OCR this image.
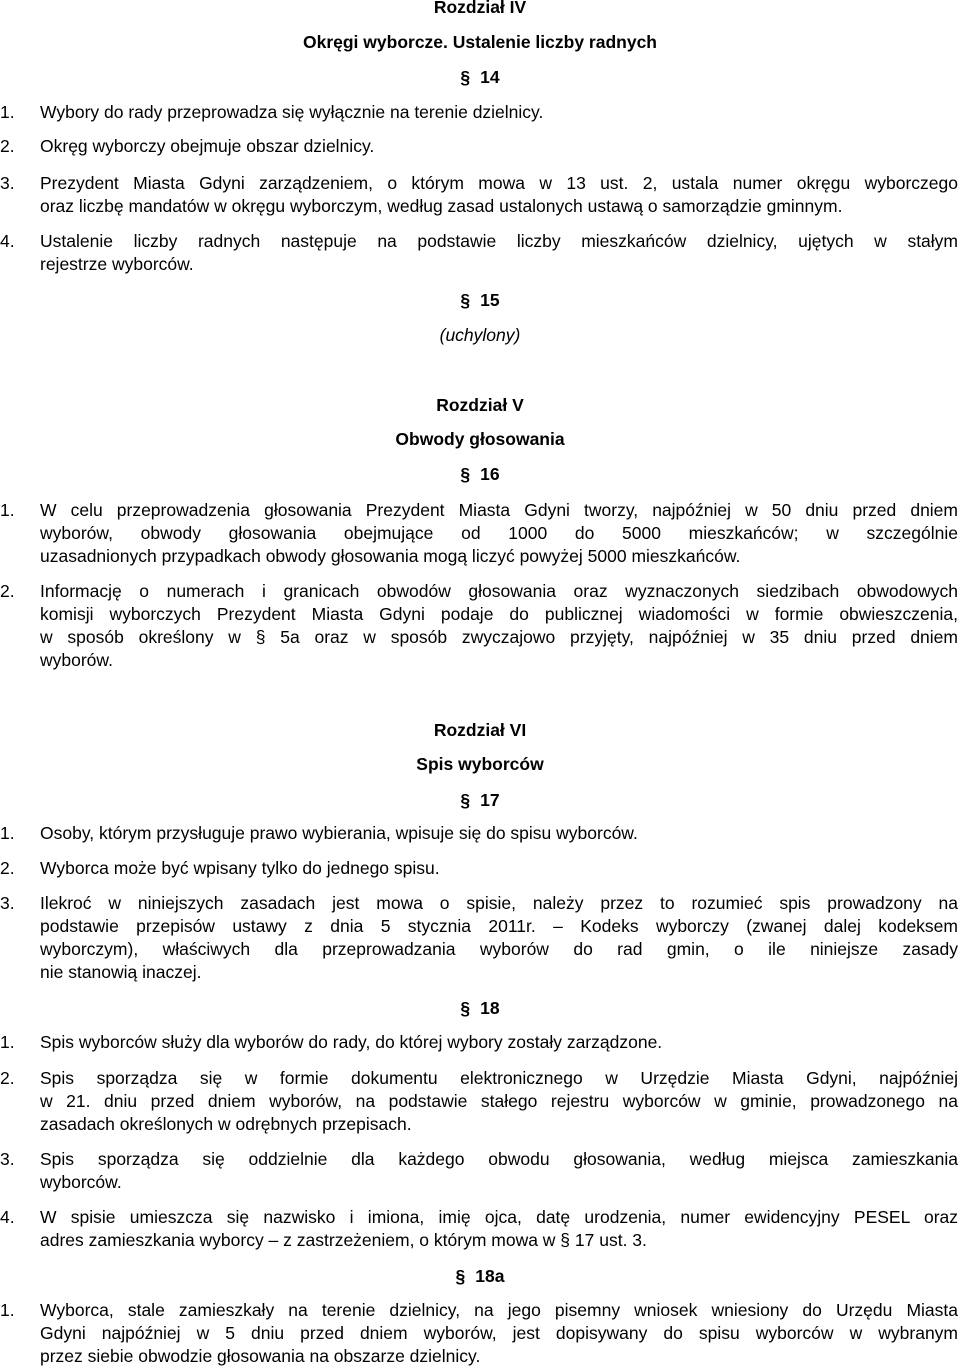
Rozdział IV
Okręgi wyborcze. Ustalenie liczby radnych
§ 14
1. Wybory do rady przeprowadza się wyłącznie na terenie dzielnicy.
2. Okręg wyborczy obejmuje obszar dzielnicy.
3. Prezydent Miasta Gdyni zarządzeniem, o którym mowa w 13 ust. 2, ustala numer okręgu wyborczego
oraz liczbę mandatów w okręgu wyborczym, według zasad ustalonych ustawą o samorządzie gminnym.
4. Ustalenie liczby radnych następuje na podstawie liczby mieszkańców dzielnicy, ujętych w stałym
rejestrze wyborców.
§ 15
(uchylony)
Rozdział V
Obwody głosowania
§ 16
1. W celu przeprowadzenia głosowania Prezydent Miasta Gdyni tworzy, najpóźniej w 50 dniu przed dniem
wyborów, obwody głosowania obejmujące od 1000 do 5000 mieszkańców; w szczególnie
uzasadnionych przypadkach obwody głosowania mogą liczyć powyżej 5000 mieszkańców.
2. Informację o numerach i granicach obwodów głosowania oraz wyznaczonych siedzibach obwodowych
komisji wyborczych Prezydent Miasta Gdyni podaje do publicznej wiadomości w formie obwieszczenia,
w sposób określony w § 5a oraz w sposób zwyczajowo przyjęty, najpóźniej w 35 dniu przed dniem
wyborów.
Rozdział VI
Spis wyborców
§ 17
1. Osoby, którym przysługuje prawo wybierania, wpisuje się do spisu wyborców.
2. Wyborca może być wpisany tylko do jednego spisu.
3. Ilekroć w niniejszych zasadach jest mowa o spisie, należy przez to rozumieć spis prowadzony na
podstawie przepisów ustawy z dnia 5 stycznia 2011r. – Kodeks wyborczy (zwanej dalej kodeksem
wyborczym), właściwych dla przeprowadzania wyborów do rad gmin, o ile niniejsze zasady
nie stanowią inaczej.
§ 18
1. Spis wyborców służy dla wyborów do rady, do której wybory zostały zarządzone.
2. Spis sporządza się w formie dokumentu elektronicznego w Urzędzie Miasta Gdyni, najpóźniej
w 21. dniu przed dniem wyborów, na podstawie stałego rejestru wyborców w gminie, prowadzonego na
zasadach określonych w odrębnych przepisach.
3. Spis sporządza się oddzielnie dla każdego obwodu głosowania, według miejsca zamieszkania
wyborców.
4. W spisie umieszcza się nazwisko i imiona, imię ojca, datę urodzenia, numer ewidencyjny PESEL oraz
adres zamieszkania wyborcy – z zastrzeżeniem, o którym mowa w § 17 ust. 3.
§ 18a
1. Wyborca, stale zamieszkały na terenie dzielnicy, na jego pisemny wniosek wniesiony do Urzędu Miasta
Gdyni najpóźniej w 5 dniu przed dniem wyborów, jest dopisywany do spisu wyborców w wybranym
przez siebie obwodzie głosowania na obszarze dzielnicy.
